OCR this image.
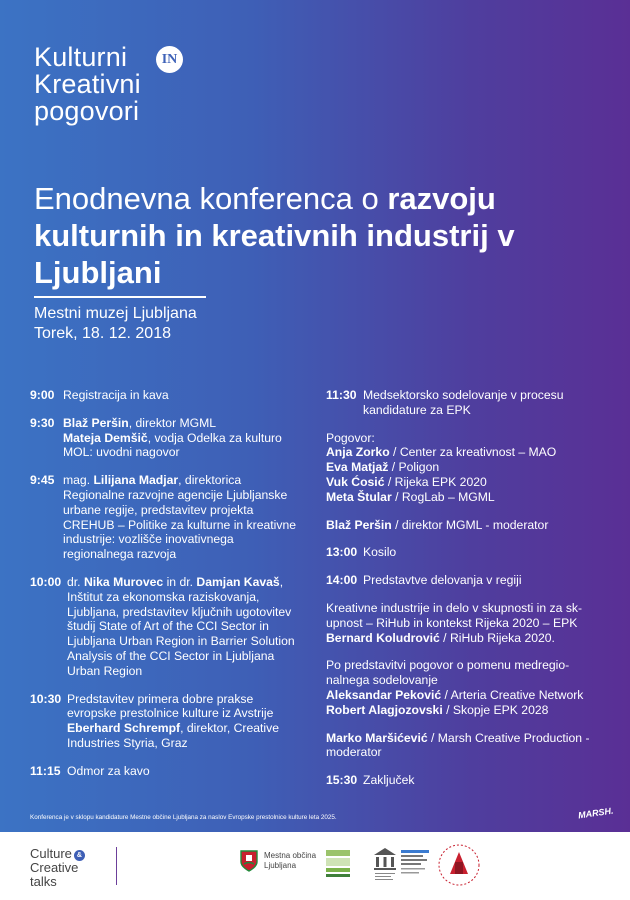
Kulturni
Kreativni
pogovori
IN
Enodnevna konferenca o razvoju kulturnih in kreativnih industrij v Ljubljani
Mestni muzej Ljubljana
Torek, 18. 12. 2018
9:00 Registracija in kava
9:30 Blaž Peršin, direktor MGML
Mateja Demšič, vodja Odelka za kulturo
MOL: uvodni nagovor
9:45 mag. Lilijana Madjar, direktorica
Regionalne razvojne agencije Ljubljanske
urbane regije, predstavitev projekta
CREHUB – Politike za kulturne in kreativne
industrije: vozlišče inovativnega
regionalnega razvoja
10:00 dr. Nika Murovec in dr. Damjan Kavaš,
Inštitut za ekonomska raziskovanja,
Ljubljana, predstavitev ključnih ugotovitev
študij State of Art of the CCI Sector in
Ljubljana Urban Region in Barrier Solution
Analysis of the CCI Sector in Ljubljana
Urban Region
10:30 Predstavitev primera dobre prakse
evropske prestolnice kulture iz Avstrije
Eberhard Schrempf, direktor, Creative
Industries Styria, Graz
11:15 Odmor za kavo
11:30 Medsektorsko sodelovanje v procesu
kandidature za EPK
Pogovor:
Anja Zorko / Center za kreativnost – MAO
Eva Matjaž / Poligon
Vuk Ćosić / Rijeka EPK 2020
Meta Štular / RogLab – MGML
Blaž Peršin / direktor MGML - moderator
13:00 Kosilo
14:00 Predstavtve delovanja v regiji
Kreativne industrije in delo v skupnosti in za sk-
upnost – RiHub in kontekst Rijeka 2020 – EPK
Bernard Koludrović / RiHub Rijeka 2020.
Po predstavitvi pogovor o pomenu medregio-
nalnega sodelovanje
Aleksandar Peković / Arteria Creative Network
Robert Alagjozovski / Skopje EPK 2028
Marko Maršićević / Marsh Creative Production -
moderator
15:30 Zaključek
Konferenca je v sklopu kandidature Mestne občine Ljubljana za naslov Evropske prestolnice kulture leta 2025.	MARSH.
Culture &
Creative
talks
Mestna občina
Ljubljana
